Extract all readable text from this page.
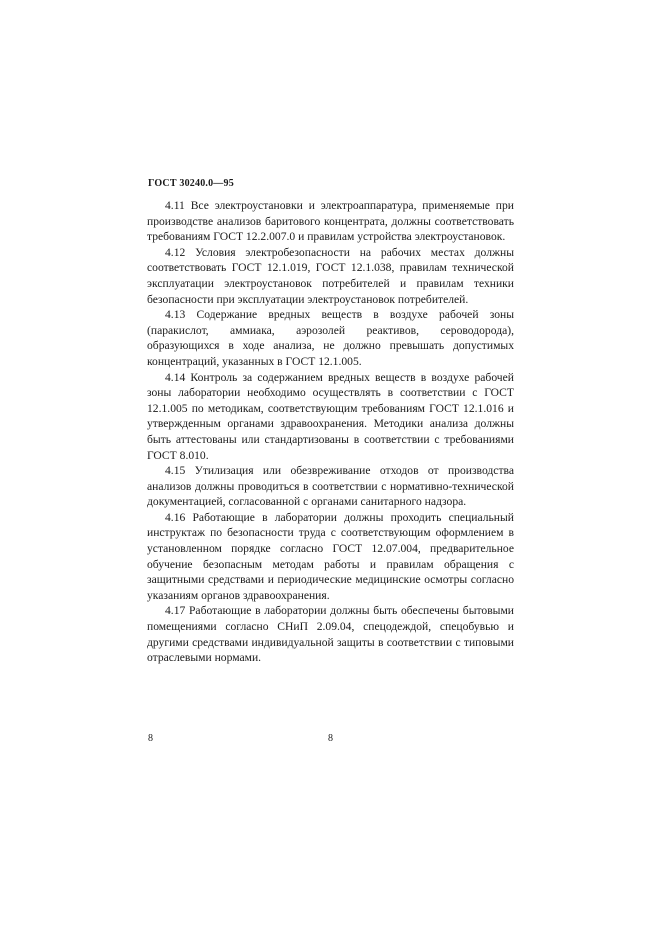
ГОСТ 30240.0—95

4.11 Все электроустановки и электроаппаратура, применяемые при производстве анализов баритового концентрата, должны соответствовать требованиям ГОСТ 12.2.007.0 и правилам устройства электроустановок.

4.12 Условия электробезопасности на рабочих местах должны соответствовать ГОСТ 12.1.019, ГОСТ 12.1.038, правилам технической эксплуатации электроустановок потребителей и правилам техники безопасности при эксплуатации электроустановок потребителей.

4.13 Содержание вредных веществ в воздухе рабочей зоны (паракислот, аммиака, аэрозолей реактивов, сероводорода), образующихся в ходе анализа, не должно превышать допустимых концентраций, указанных в ГОСТ 12.1.005.

4.14 Контроль за содержанием вредных веществ в воздухе рабочей зоны лаборатории необходимо осуществлять в соответствии с ГОСТ 12.1.005 по методикам, соответствующим требованиям ГОСТ 12.1.016 и утвержденным органами здравоохранения. Методики анализа должны быть аттестованы или стандартизованы в соответствии с требованиями ГОСТ 8.010.

4.15 Утилизация или обезвреживание отходов от производства анализов должны проводиться в соответствии с нормативно-технической документацией, согласованной с органами санитарного надзора.

4.16 Работающие в лаборатории должны проходить специальный инструктаж по безопасности труда с соответствующим оформлением в установленном порядке согласно ГОСТ 12.07.004, предварительное обучение безопасным методам работы и правилам обращения с защитными средствами и периодические медицинские осмотры согласно указаниям органов здравоохранения.

4.17 Работающие в лаборатории должны быть обеспечены бытовыми помещениями согласно СНиП 2.09.04, спецодеждой, спецобувью и другими средствами индивидуальной защиты в соответствии с типовыми отраслевыми нормами.

8	8
